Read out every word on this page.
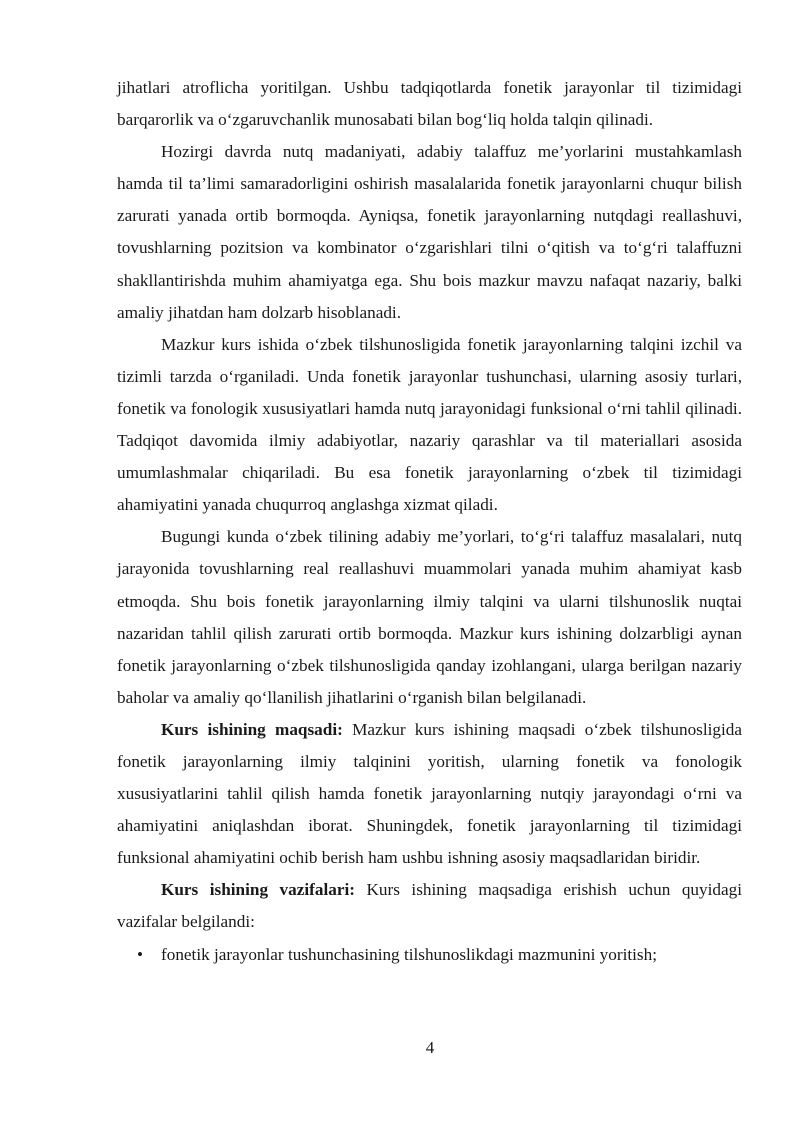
jihatlari atroflicha yoritilgan. Ushbu tadqiqotlarda fonetik jarayonlar til tizimidagi barqarorlik va o‘zgaruvchanlik munosabati bilan bog‘liq holda talqin qilinadi.

Hozirgi davrda nutq madaniyati, adabiy talaffuz me’yorlarini mustahkamlash hamda til ta’limi samaradorligini oshirish masalalarida fonetik jarayonlarni chuqur bilish zarurati yanada ortib bormoqda. Ayniqsa, fonetik jarayonlarning nutqdagi reallashuvi, tovushlarning pozitsion va kombinator o‘zgarishlari tilni o‘qitish va to‘g‘ri talaffuzni shakllantirishda muhim ahamiyatga ega. Shu bois mazkur mavzu nafaqat nazariy, balki amaliy jihatdan ham dolzarb hisoblanadi.

Mazkur kurs ishida o‘zbek tilshunosligida fonetik jarayonlarning talqini izchil va tizimli tarzda o‘rganiladi. Unda fonetik jarayonlar tushunchasi, ularning asosiy turlari, fonetik va fonologik xususiyatlari hamda nutq jarayonidagi funksional o‘rni tahlil qilinadi. Tadqiqot davomida ilmiy adabiyotlar, nazariy qarashlar va til materiallari asosida umumlashmalar chiqariladi. Bu esa fonetik jarayonlarning o‘zbek til tizimidagi ahamiyatini yanada chuqurroq anglashga xizmat qiladi.

Bugungi kunda o‘zbek tilining adabiy me’yorlari, to‘g‘ri talaffuz masalalari, nutq jarayonida tovushlarning real reallashuvi muammolari yanada muhim ahamiyat kasb etmoqda. Shu bois fonetik jarayonlarning ilmiy talqini va ularni tilshunoslik nuqtai nazaridan tahlil qilish zarurati ortib bormoqda. Mazkur kurs ishining dolzarbligi aynan fonetik jarayonlarning o‘zbek tilshunosligida qanday izohlangani, ularga berilgan nazariy baholar va amaliy qo‘llanilish jihatlarini o‘rganish bilan belgilanadi.

Kurs ishining maqsadi: Mazkur kurs ishining maqsadi o‘zbek tilshunosligida fonetik jarayonlarning ilmiy talqinini yoritish, ularning fonetik va fonologik xususiyatlarini tahlil qilish hamda fonetik jarayonlarning nutqiy jarayondagi o‘rni va ahamiyatini aniqlashdan iborat. Shuningdek, fonetik jarayonlarning til tizimidagi funksional ahamiyatini ochib berish ham ushbu ishning asosiy maqsadlaridan biridir.

Kurs ishining vazifalari: Kurs ishining maqsadiga erishish uchun quyidagi vazifalar belgilandi:

• fonetik jarayonlar tushunchasining tilshunoslikdagi mazmunini yoritish;
4
